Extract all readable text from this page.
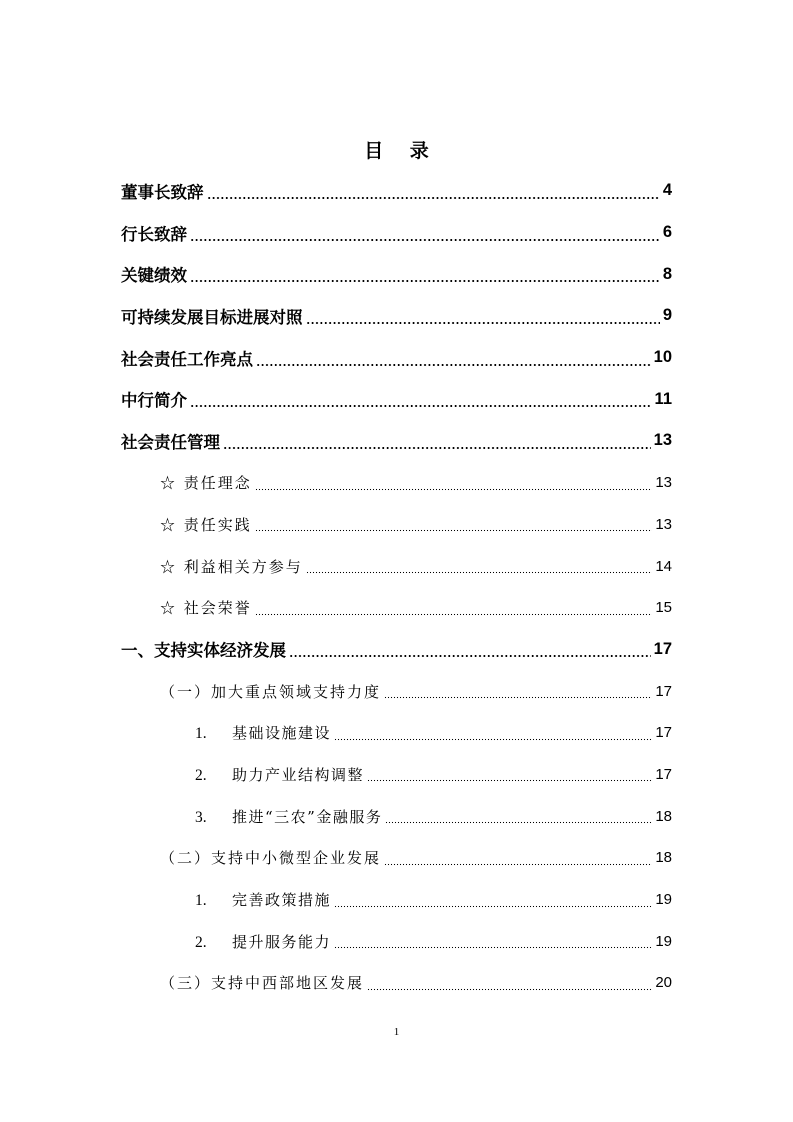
目 录
董事长致辞	4
行长致辞	6
关键绩效	8
可持续发展目标进展对照	9
社会责任工作亮点	10
中行简介	11
社会责任管理	13
☆ 责任理念	13
☆ 责任实践	13
☆ 利益相关方参与	14
☆ 社会荣誉	15
一、支持实体经济发展	17
（一）加大重点领域支持力度	17
1. 基础设施建设	17
2. 助力产业结构调整	17
3. 推进“三农”金融服务	18
（二）支持中小微型企业发展	18
1. 完善政策措施	19
2. 提升服务能力	19
（三）支持中西部地区发展	20
1
